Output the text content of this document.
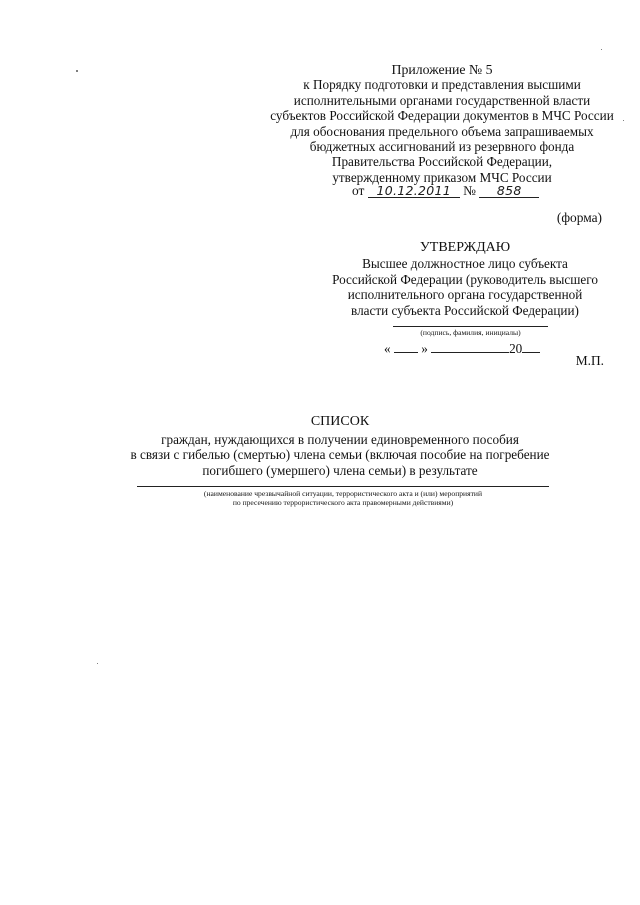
Приложение № 5
к Порядку подготовки и представления высшими
исполнительными органами государственной власти
субъектов Российской Федерации документов в МЧС России
для обоснования предельного объема запрашиваемых
бюджетных ассигнований из резервного фонда
Правительства Российской Федерации,
утвержденному приказом МЧС России
от 10.12.2011 № 858
(форма)
УТВЕРЖДАЮ
Высшее должностное лицо субъекта
Российской Федерации (руководитель высшего
исполнительного органа государственной
власти субъекта Российской Федерации)
(подпись, фамилия, инициалы)
« »	20
М.П.
СПИСОК
граждан, нуждающихся в получении единовременного пособия
в связи с гибелью (смертью) члена семьи (включая пособие на погребение
погибшего (умершего) члена семьи) в результате
(наименование чрезвычайной ситуации, террористического акта и (или) мероприятий
по пресечению террористического акта правомерными действиями)
